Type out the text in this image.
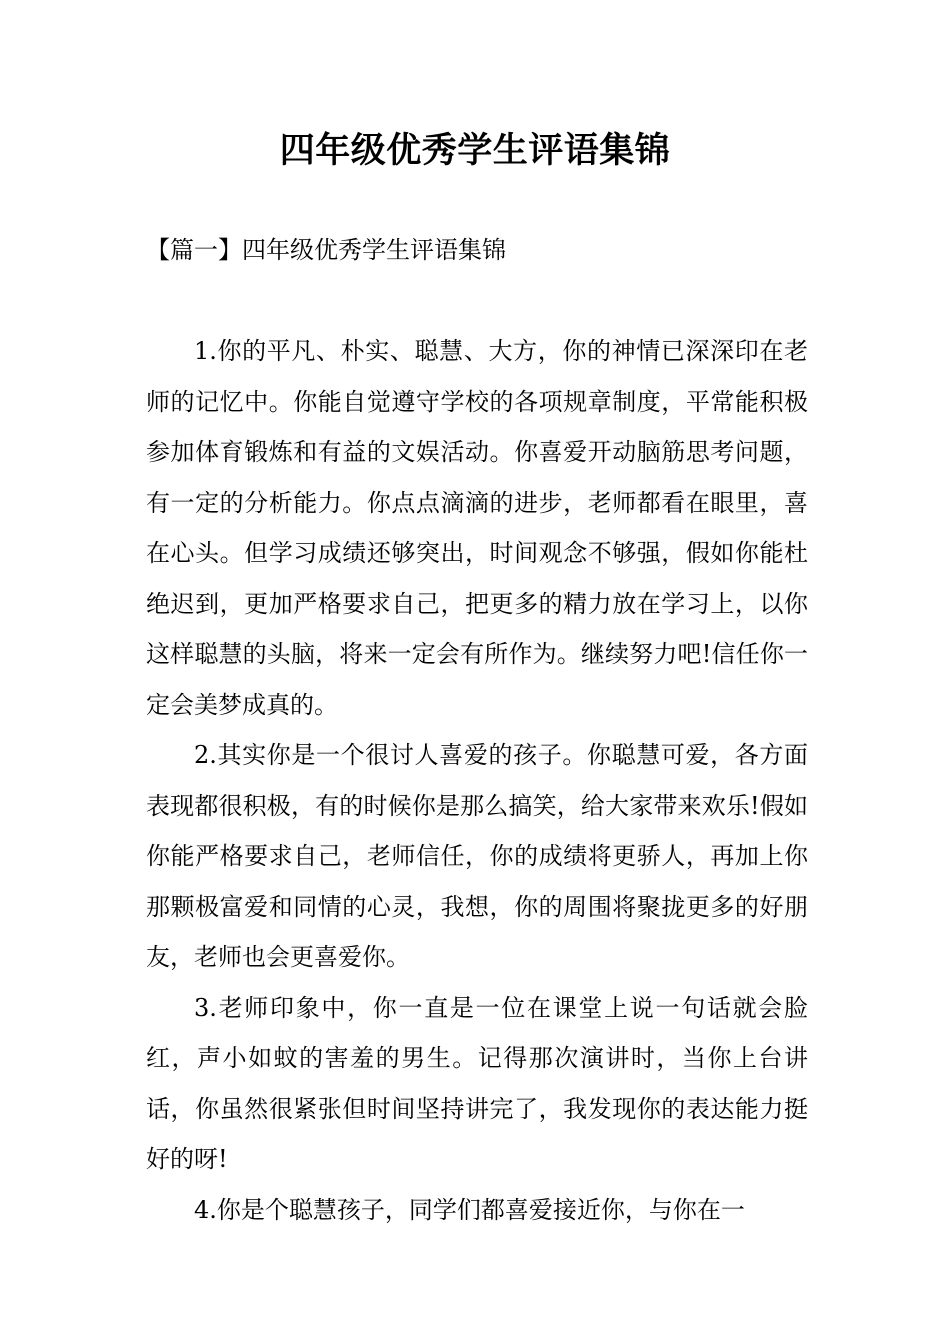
四年级优秀学生评语集锦
【篇一】四年级优秀学生评语集锦

1.你的平凡、朴实、聪慧、大方，你的神情已深深印在老师的记忆中。你能自觉遵守学校的各项规章制度，平常能积极参加体育锻炼和有益的文娱活动。你喜爱开动脑筋思考问题，有一定的分析能力。你点点滴滴的进步，老师都看在眼里，喜在心头。但学习成绩还够突出，时间观念不够强，假如你能杜绝迟到，更加严格要求自己，把更多的精力放在学习上，以你这样聪慧的头脑，将来一定会有所作为。继续努力吧!信任你一定会美梦成真的。

2.其实你是一个很讨人喜爱的孩子。你聪慧可爱，各方面表现都很积极，有的时候你是那么搞笑，给大家带来欢乐!假如你能严格要求自己，老师信任，你的成绩将更骄人，再加上你那颗极富爱和同情的心灵，我想，你的周围将聚拢更多的好朋友，老师也会更喜爱你。

3.老师印象中，你一直是一位在课堂上说一句话就会脸红，声小如蚊的害羞的男生。记得那次演讲时，当你上台讲话，你虽然很紧张但时间坚持讲完了，我发现你的表达能力挺好的呀!

4.你是个聪慧孩子，同学们都喜爱接近你，与你在一
